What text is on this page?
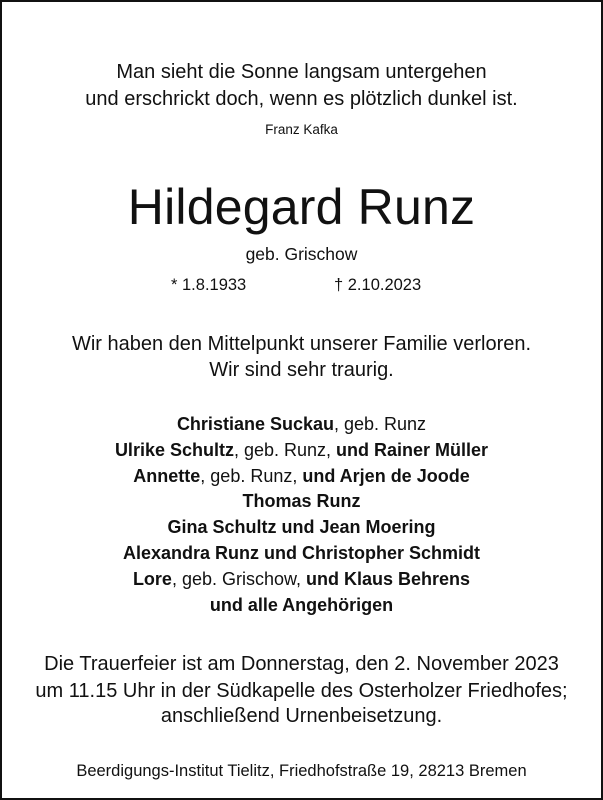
Man sieht die Sonne langsam untergehen
und erschrickt doch, wenn es plötzlich dunkel ist.
Franz Kafka
Hildegard Runz
geb. Grischow
* 1.8.1933	† 2.10.2023
Wir haben den Mittelpunkt unserer Familie verloren.
Wir sind sehr traurig.
Christiane Suckau, geb. Runz
Ulrike Schultz, geb. Runz, und Rainer Müller
Annette, geb. Runz, und Arjen de Joode
Thomas Runz
Gina Schultz und Jean Moering
Alexandra Runz und Christopher Schmidt
Lore, geb. Grischow, und Klaus Behrens
und alle Angehörigen
Die Trauerfeier ist am Donnerstag, den 2. November 2023
um 11.15 Uhr in der Südkapelle des Osterholzer Friedhofes;
anschließend Urnenbeisetzung.
Beerdigungs-Institut Tielitz, Friedhofstraße 19, 28213 Bremen
